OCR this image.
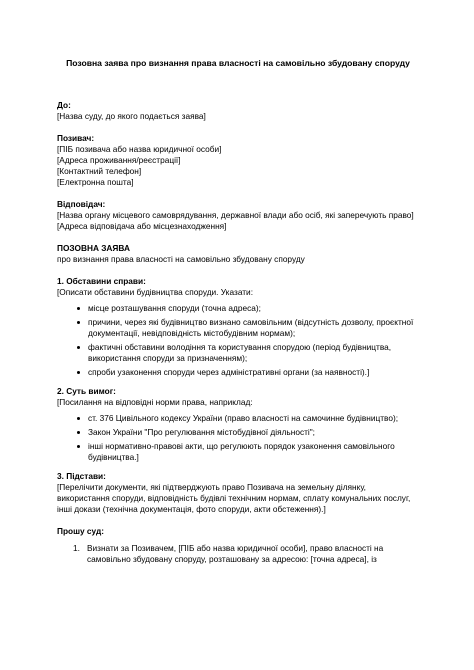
Позовна заява про визнання права власності на самовільно збудовану спорудy

До:

[Назва суду, до якого подається заява]

Позивач:

[ПІБ позивача або назва юридичної особи]
[Адреса проживання/реєстрації]
[Контактний телефон]
[Електронна пошта]

Відповідач:

[Назва органу місцевого самоврядування, державної влади або осіб, які заперечують право]
[Адреса відповідача або місцезнаходження]

ПОЗОВНА ЗАЯВА

про визнання права власності на самовільно збудовану споруду

1. Обставини справи:

[Описати обставини будівництва споруди. Указати:

місце розташування споруди (точна адреса);
причини, через які будівництво визнано самовільним (відсутність дозволу, проєктної документації, невідповідність містобудівним нормам);
фактичні обставини володіння та користування спорудою (період будівництва, використання споруди за призначенням);
спроби узаконення споруди через адміністративні органи (за наявності).]

2. Суть вимог:

[Посилання на відповідні норми права, наприклад:

ст. 376 Цивільного кодексу України (право власності на самочинне будівництво);
Закон України "Про регулювання містобудівної діяльності";
інші нормативно-правові акти, що регулюють порядок узаконення самовільного будівництва.]

3. Підстави:

[Перелічити документи, які підтверджують право Позивача на земельну ділянку, використання споруди, відповідність будівлі технічним нормам, сплату комунальних послуг, інші докази (технічна документація, фото споруди, акти обстеження).]

Прошу суд:

1. Визнати за Позивачем, [ПІБ або назва юридичної особи], право власності на самовільно збудовану споруду, розташовану за адресою: [точна адреса], із
